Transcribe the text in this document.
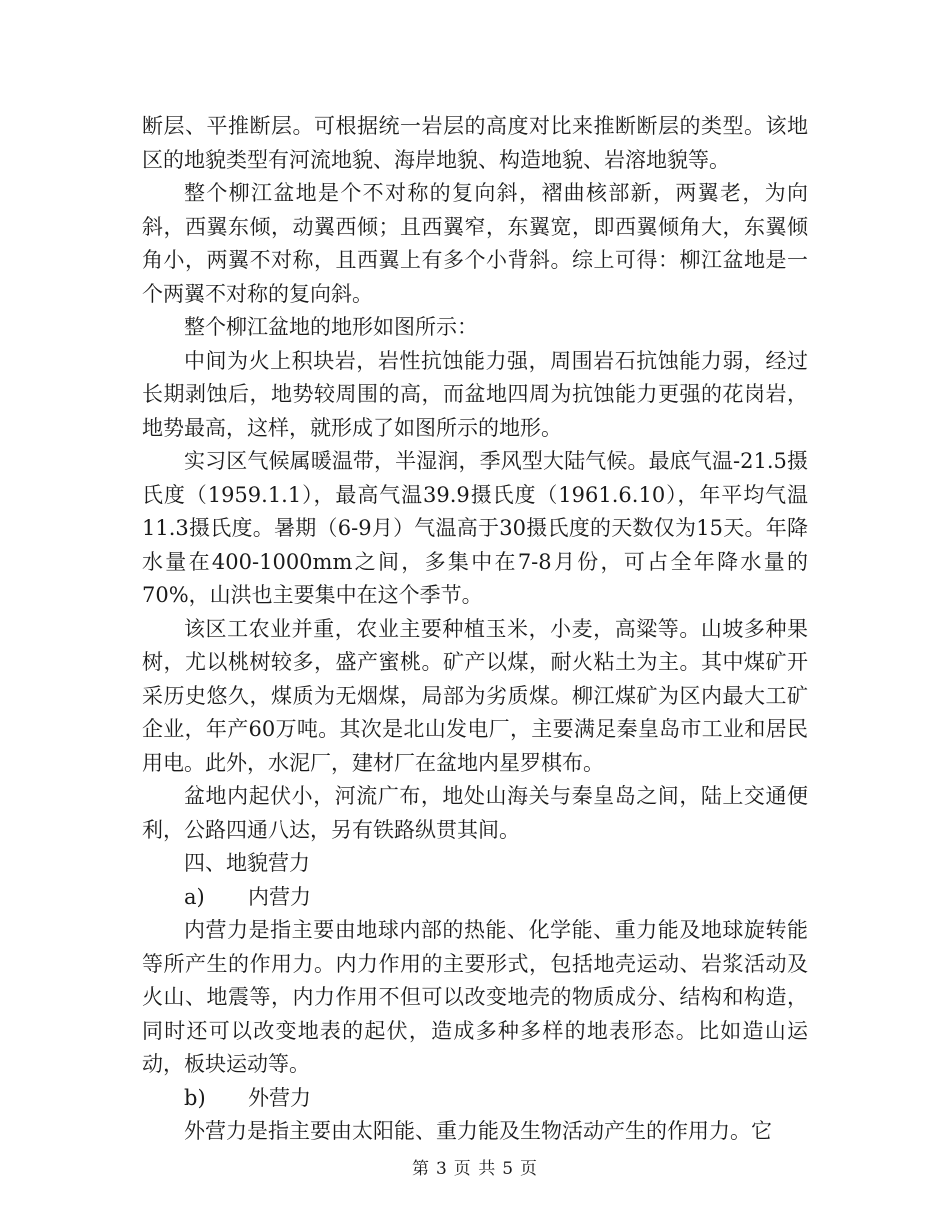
断层、平推断层。可根据统一岩层的高度对比来推断断层的类型。该地区的地貌类型有河流地貌、海岸地貌、构造地貌、岩溶地貌等。

整个柳江盆地是个不对称的复向斜，褶曲核部新，两翼老，为向斜，西翼东倾，动翼西倾；且西翼窄，东翼宽，即西翼倾角大，东翼倾角小，两翼不对称，且西翼上有多个小背斜。综上可得：柳江盆地是一个两翼不对称的复向斜。

整个柳江盆地的地形如图所示：

中间为火上积块岩，岩性抗蚀能力强，周围岩石抗蚀能力弱，经过长期剥蚀后，地势较周围的高，而盆地四周为抗蚀能力更强的花岗岩，地势最高，这样，就形成了如图所示的地形。

实习区气候属暖温带，半湿润，季风型大陆气候。最底气温-21.5摄氏度（1959.1.1），最高气温39.9摄氏度（1961.6.10），年平均气温11.3摄氏度。暑期（6-9月）气温高于30摄氏度的天数仅为15天。年降水量在400-1000mm之间，多集中在7-8月份，可占全年降水量的70%，山洪也主要集中在这个季节。

该区工农业并重，农业主要种植玉米，小麦，高粱等。山坡多种果树，尤以桃树较多，盛产蜜桃。矿产以煤，耐火粘土为主。其中煤矿开采历史悠久，煤质为无烟煤，局部为劣质煤。柳江煤矿为区内最大工矿企业，年产60万吨。其次是北山发电厂，主要满足秦皇岛市工业和居民用电。此外，水泥厂，建材厂在盆地内星罗棋布。

盆地内起伏小，河流广布，地处山海关与秦皇岛之间，陆上交通便利，公路四通八达，另有铁路纵贯其间。

四、地貌营力

a) 内营力

内营力是指主要由地球内部的热能、化学能、重力能及地球旋转能等所产生的作用力。内力作用的主要形式，包括地壳运动、岩浆活动及火山、地震等，内力作用不但可以改变地壳的物质成分、结构和构造，同时还可以改变地表的起伏，造成多种多样的地表形态。比如造山运动，板块运动等。

b) 外营力

外营力是指主要由太阳能、重力能及生物活动产生的作用力。它

第 3 页 共 5 页
